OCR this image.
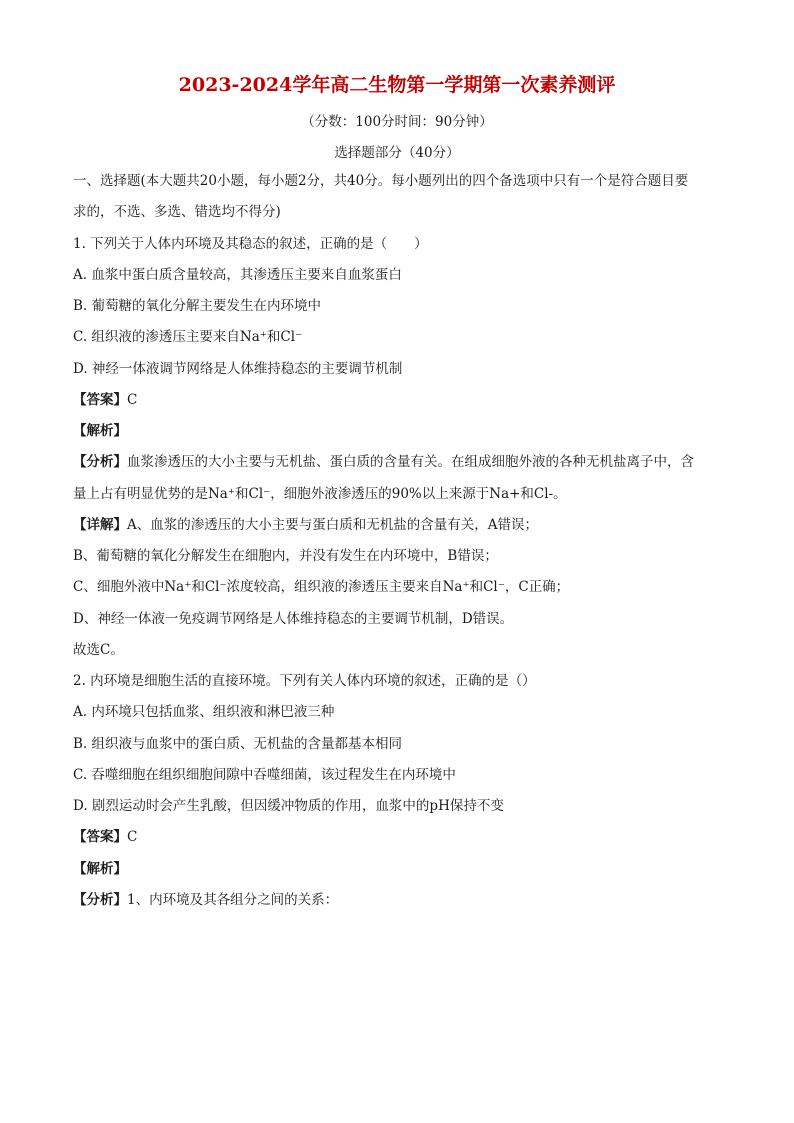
2023-2024学年高二生物第一学期第一次素养测评
（分数：100分时间：90分钟）
选择题部分（40分）
一、选择题(本大题共20小题，每小题2分，共40分。每小题列出的四个备选项中只有一个是符合题目要
求的，不选、多选、错选均不得分)
1. 下列关于人体内环境及其稳态的叙述，正确的是（　　）
A. 血浆中蛋白质含量较高，其渗透压主要来自血浆蛋白
B. 葡萄糖的氧化分解主要发生在内环境中
C. 组织液的渗透压主要来自Na⁺和Cl⁻
D. 神经一体液调节网络是人体维持稳态的主要调节机制
【答案】C
【解析】
【分析】血浆渗透压的大小主要与无机盐、蛋白质的含量有关。在组成细胞外液的各种无机盐离子中，含
量上占有明显优势的是Na⁺和Cl⁻，细胞外液渗透压的90%以上来源于Na+和Cl-。
【详解】A、血浆的渗透压的大小主要与蛋白质和无机盐的含量有关，A错误；
B、葡萄糖的氧化分解发生在细胞内，并没有发生在内环境中，B错误；
C、细胞外液中Na⁺和Cl⁻浓度较高，组织液的渗透压主要来自Na⁺和Cl⁻，C正确；
D、神经一体液一免疫调节网络是人体维持稳态的主要调节机制，D错误。
故选C。
2. 内环境是细胞生活的直接环境。下列有关人体内环境的叙述，正确的是（）
A. 内环境只包括血浆、组织液和淋巴液三种
B. 组织液与血浆中的蛋白质、无机盐的含量都基本相同
C. 吞噬细胞在组织细胞间隙中吞噬细菌，该过程发生在内环境中
D. 剧烈运动时会产生乳酸，但因缓冲物质的作用，血浆中的pH保持不变
【答案】C
【解析】
【分析】1、内环境及其各组分之间的关系：
